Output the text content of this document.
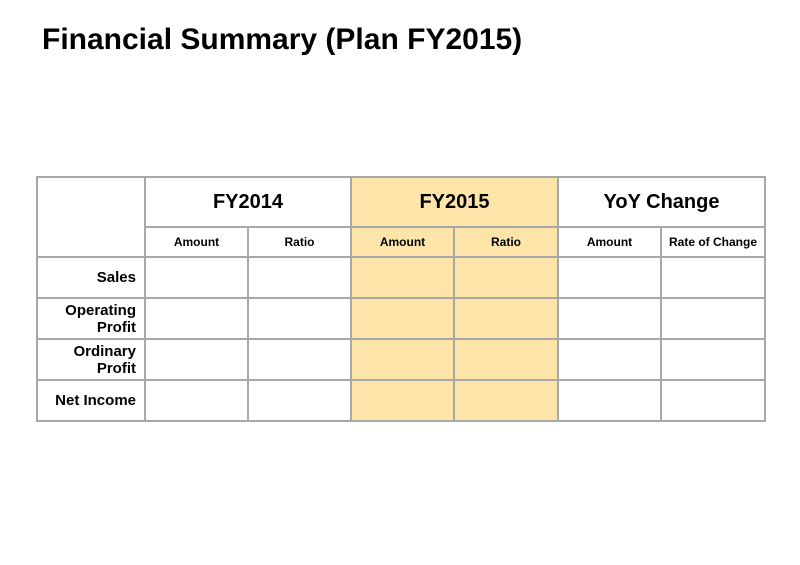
Financial Summary (Plan FY2015)
	FY2014		FY2015		YoY Change	
	Amount	Ratio	Amount	Ratio	Amount	Rate of Change
Sales						
Operating Profit						
Ordinary Profit						
Net Income						
